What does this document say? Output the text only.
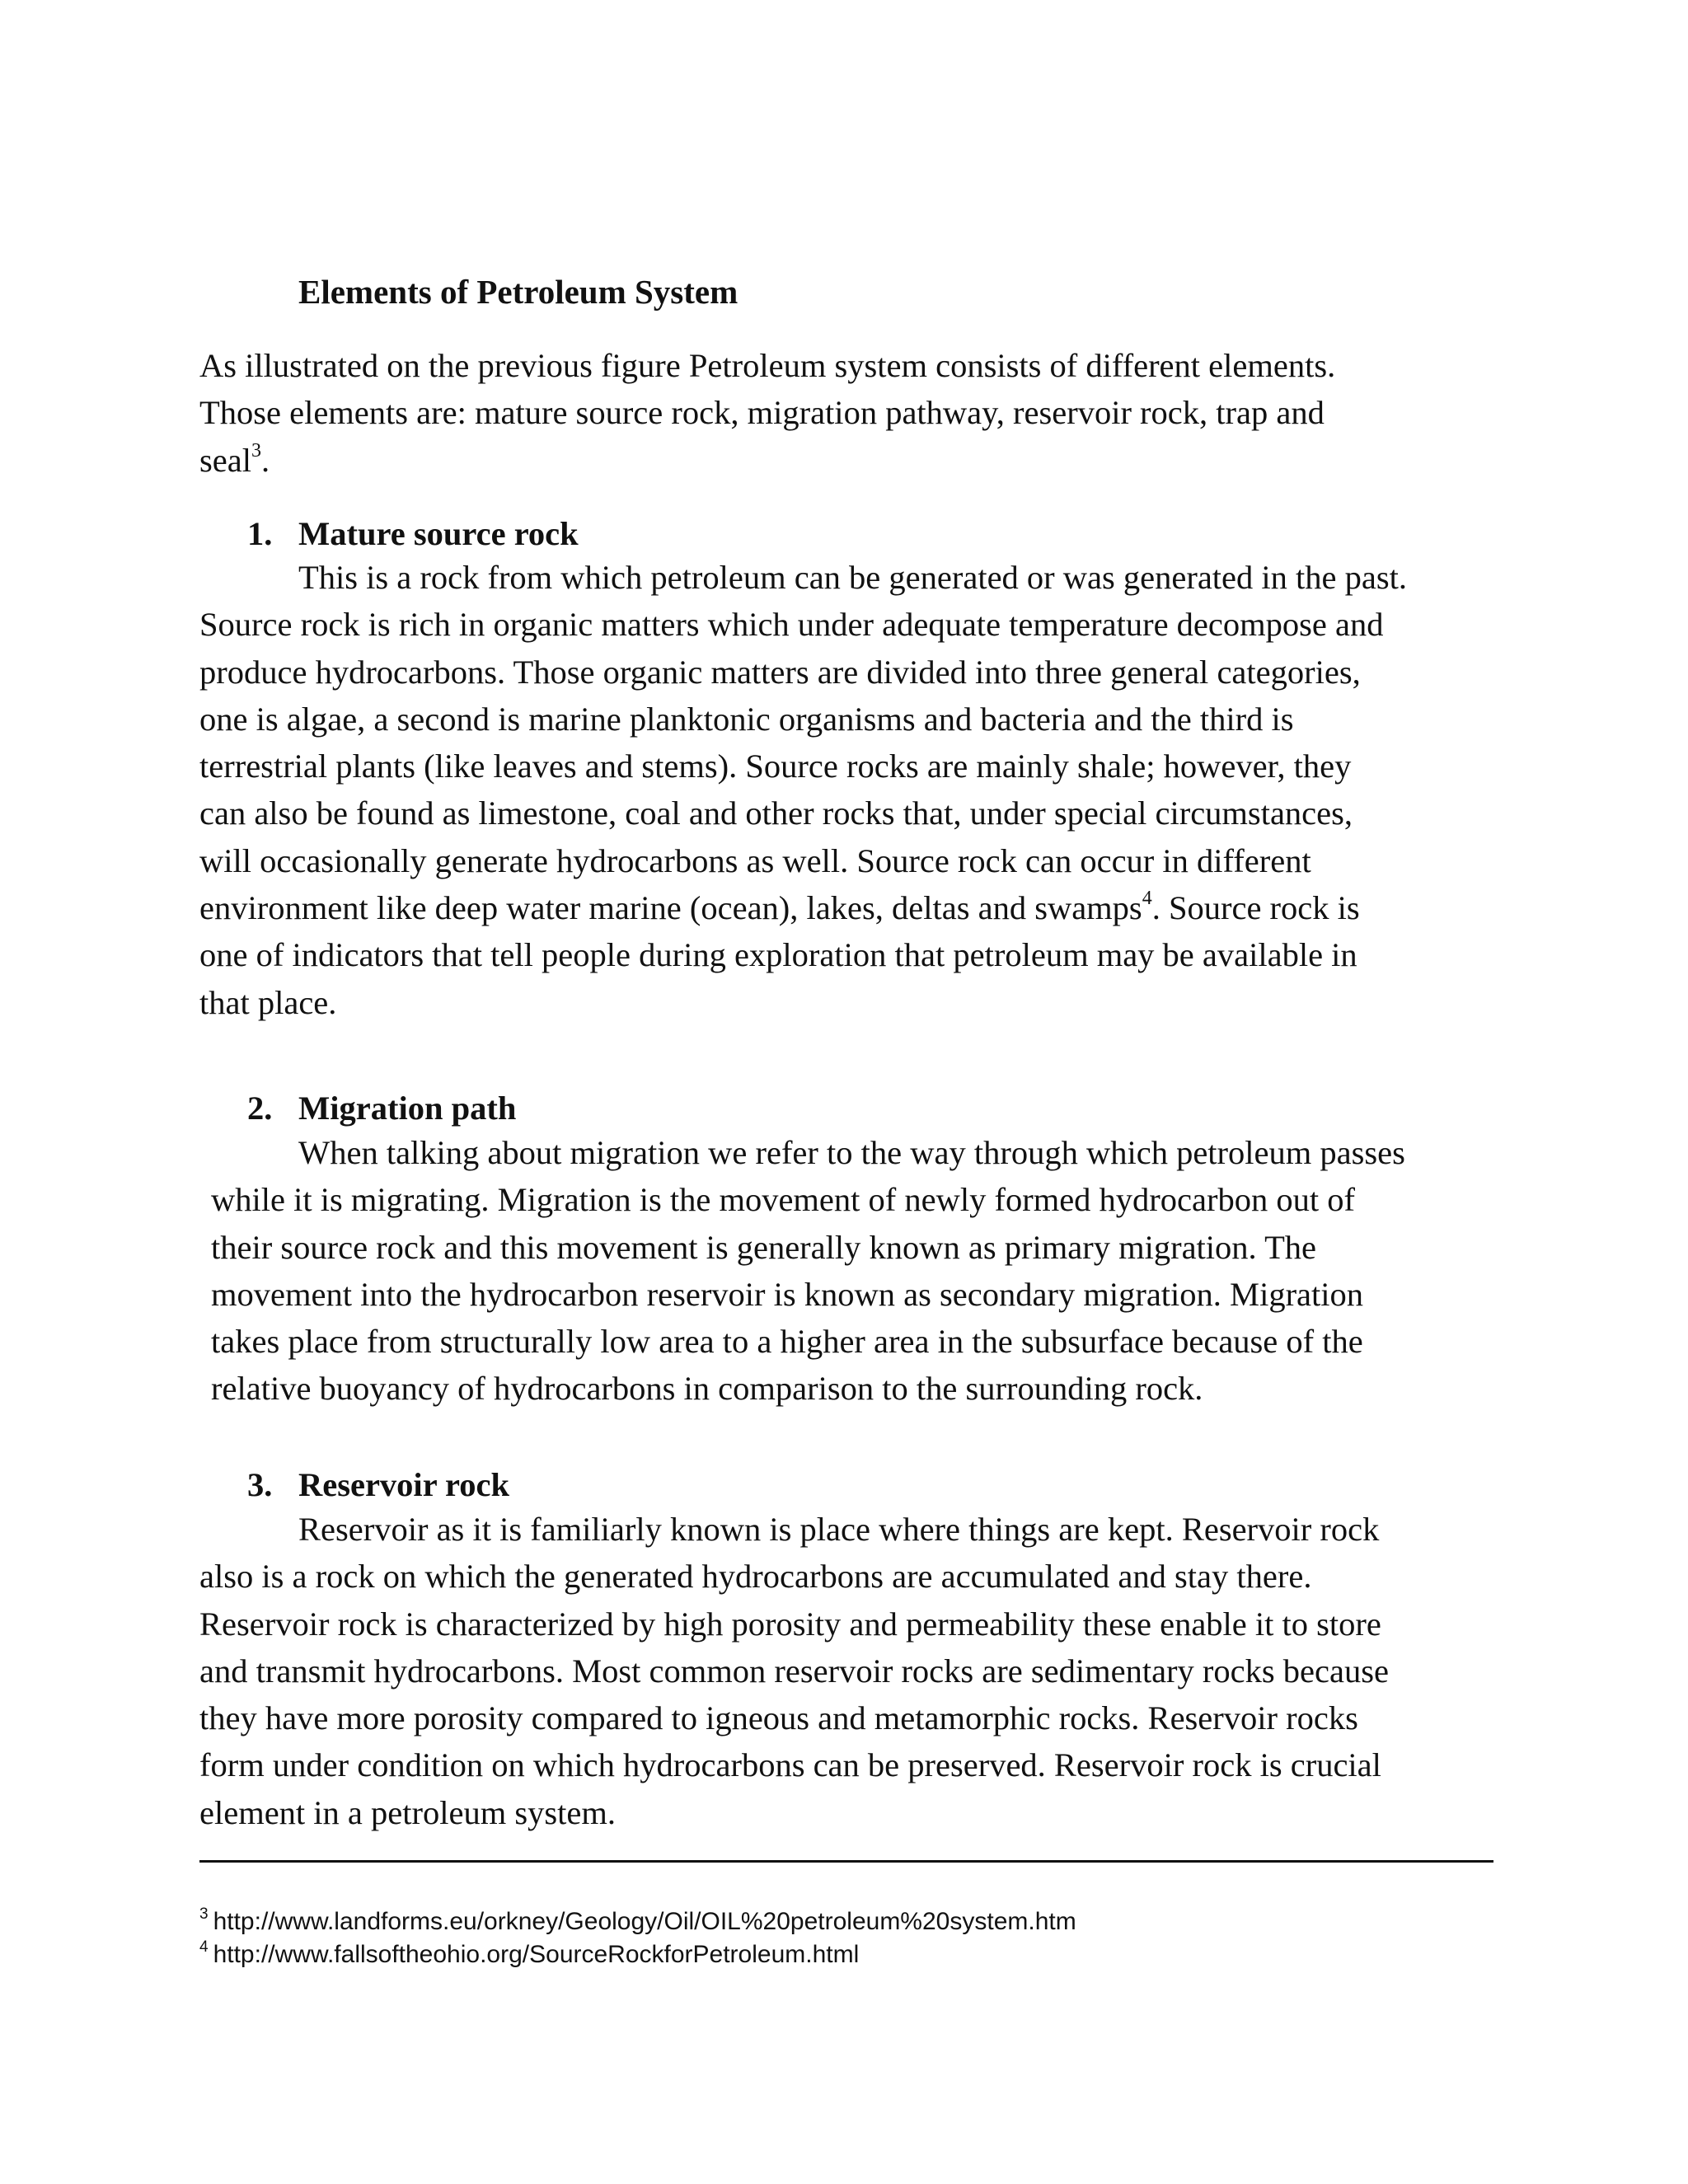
Elements of Petroleum System
As illustrated on the previous figure Petroleum system consists of different elements.
Those elements are: mature source rock, migration pathway, reservoir rock, trap and
seal$^3$.
1. Mature source rock
This is a rock from which petroleum can be generated or was generated in the past.
Source rock is rich in organic matters which under adequate temperature decompose and
produce hydrocarbons. Those organic matters are divided into three general categories,
one is algae, a second is marine planktonic organisms and bacteria and the third is
terrestrial plants (like leaves and stems). Source rocks are mainly shale; however, they
can also be found as limestone, coal and other rocks that, under special circumstances,
will occasionally generate hydrocarbons as well. Source rock can occur in different
environment like deep water marine (ocean), lakes, deltas and swamps$^4$. Source rock is
one of indicators that tell people during exploration that petroleum may be available in
that place.
2. Migration path
When talking about migration we refer to the way through which petroleum passes
while it is migrating. Migration is the movement of newly formed hydrocarbon out of
their source rock and this movement is generally known as primary migration. The
movement into the hydrocarbon reservoir is known as secondary migration. Migration
takes place from structurally low area to a higher area in the subsurface because of the
relative buoyancy of hydrocarbons in comparison to the surrounding rock.
3. Reservoir rock
Reservoir as it is familiarly known is place where things are kept. Reservoir rock
also is a rock on which the generated hydrocarbons are accumulated and stay there.
Reservoir rock is characterized by high porosity and permeability these enable it to store
and transmit hydrocarbons. Most common reservoir rocks are sedimentary rocks because
they have more porosity compared to igneous and metamorphic rocks. Reservoir rocks
form under condition on which hydrocarbons can be preserved. Reservoir rock is crucial
element in a petroleum system.
$^3$ http://www.landforms.eu/orkney/Geology/Oil/OIL%20petroleum%20system.htm
$^4$ http://www.fallsoftheohio.org/SourceRockforPetroleum.html
